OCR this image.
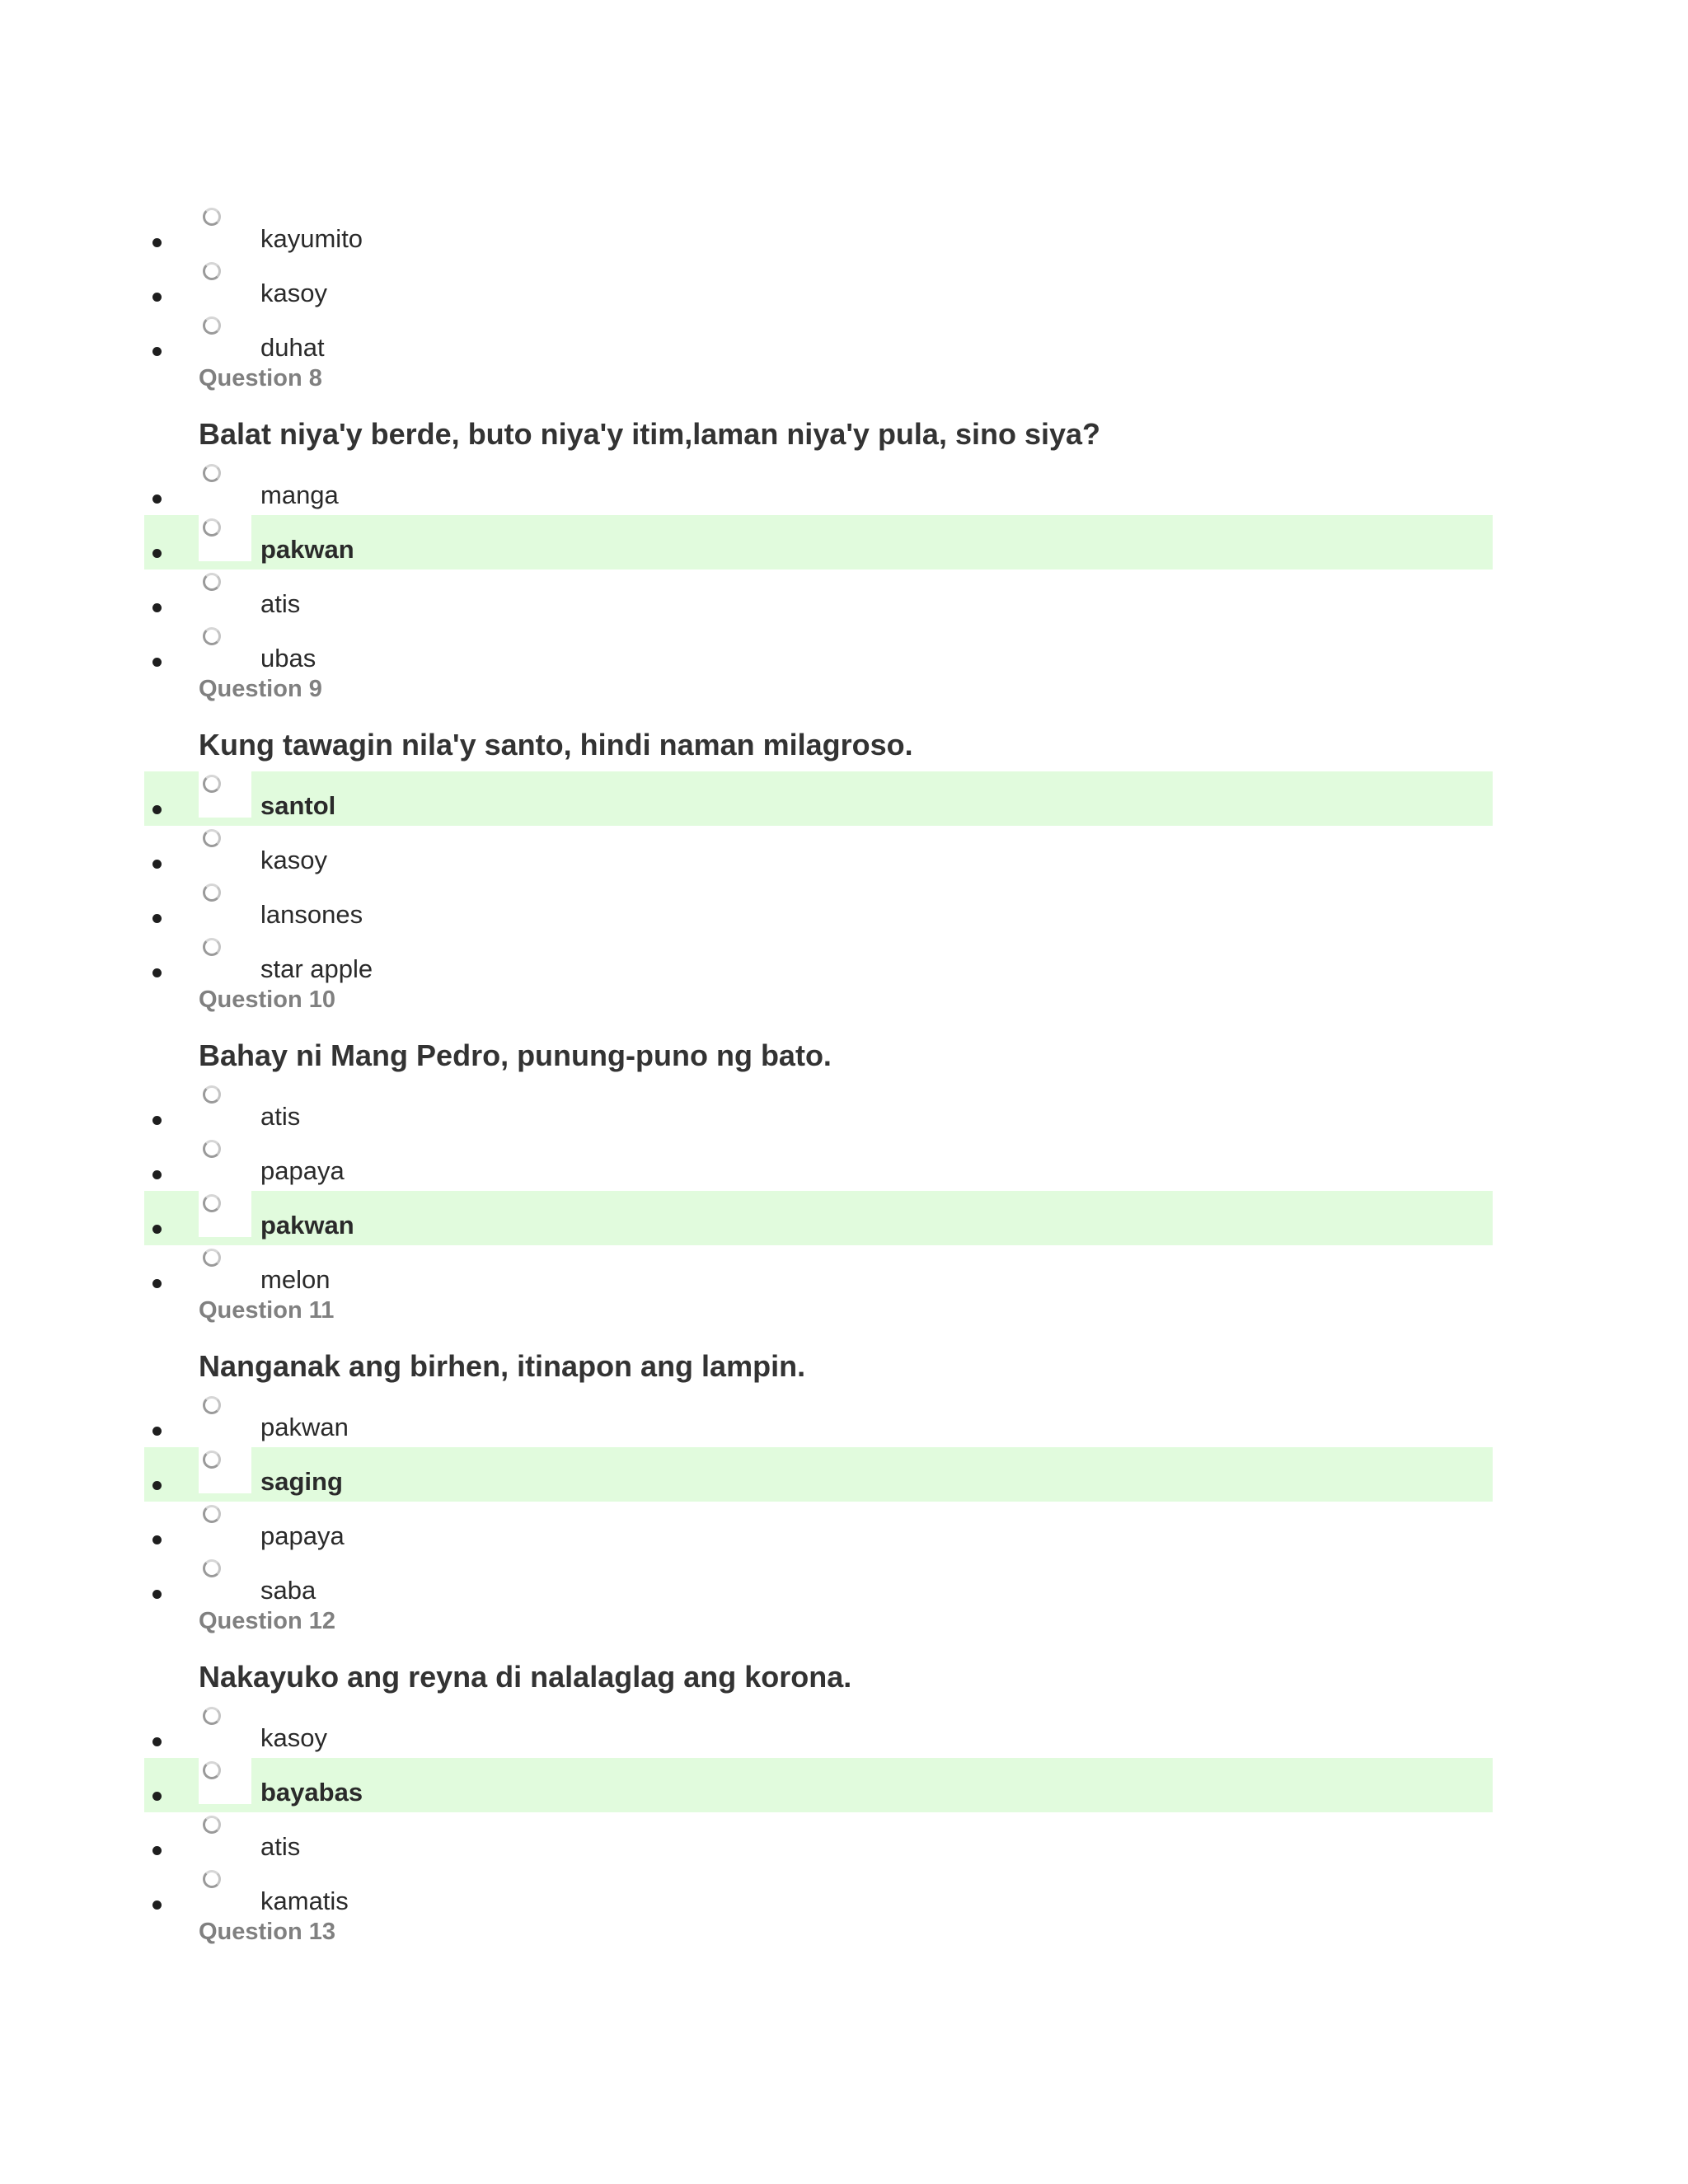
kayumito
kasoy
duhat
Question 8
Balat niya'y berde, buto niya'y itim,laman niya'y pula, sino siya?
manga
pakwan
atis
ubas
Question 9
Kung tawagin nila'y santo, hindi naman milagroso.
santol
kasoy
lansones
star apple
Question 10
Bahay ni Mang Pedro, punung-puno ng bato.
atis
papaya
pakwan
melon
Question 11
Nanganak ang birhen, itinapon ang lampin.
pakwan
saging
papaya
saba
Question 12
Nakayuko ang reyna di nalalaglag ang korona.
kasoy
bayabas
atis
kamatis
Question 13
